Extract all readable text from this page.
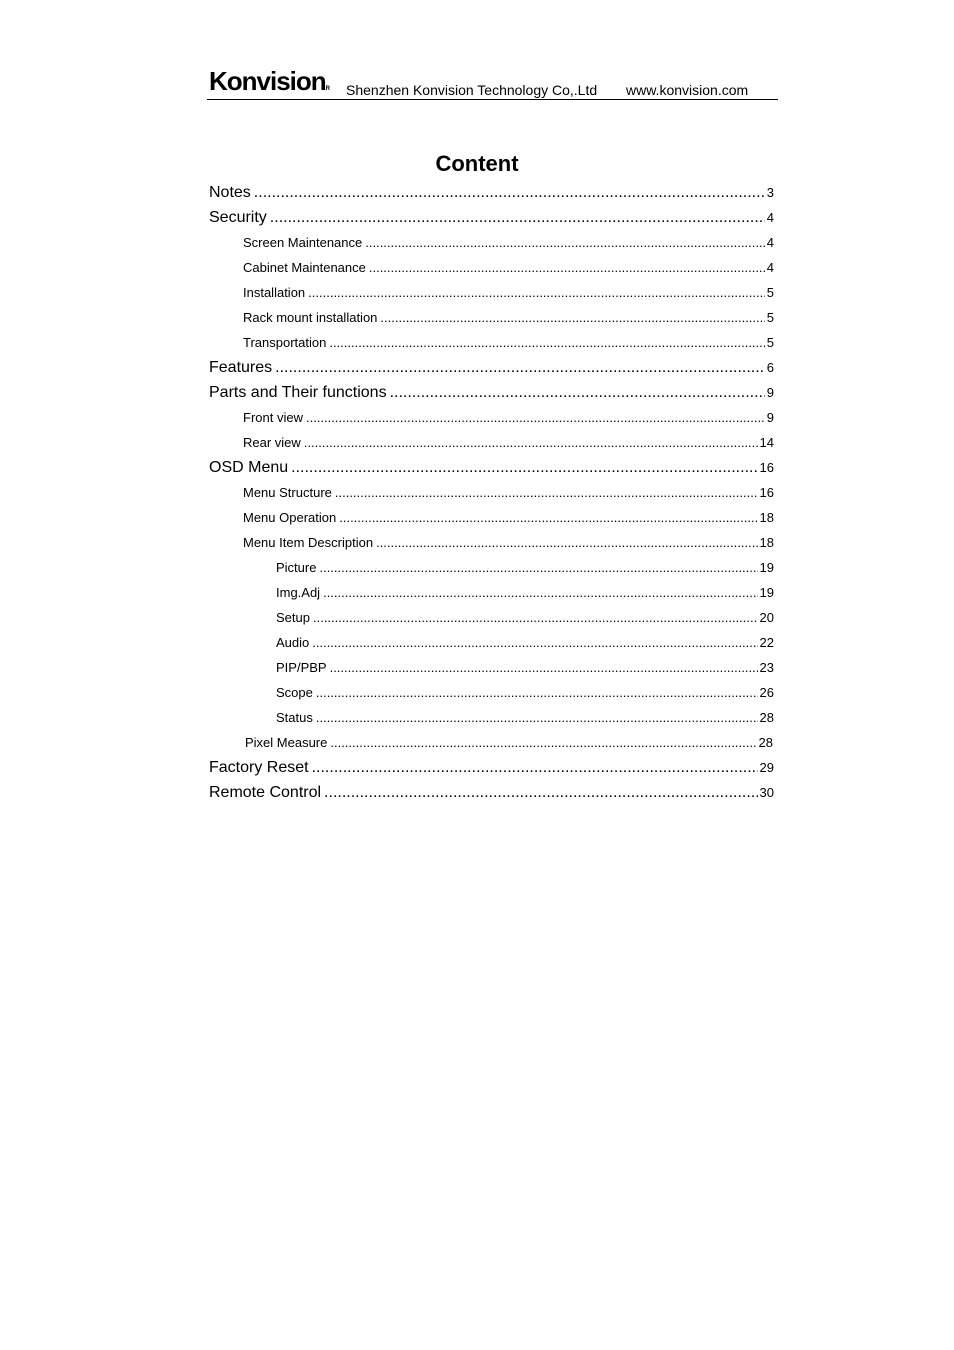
KonvisionR Shenzhen Konvision Technology Co,.Ltd www.konvision.com
Content
Notes .....	3
Security .....	4
Screen Maintenance .....	4
Cabinet Maintenance .....	4
Installation .....	5
Rack mount installation .....	5
Transportation .....	5
Features .....	6
Parts and Their functions .....	9
Front view .....	9
Rear view .....	14
OSD Menu .....	16
Menu Structure .....	16
Menu Operation .....	18
Menu Item Description .....	18
Picture .....	19
Img.Adj .....	19
Setup .....	20
Audio .....	22
PIP/PBP .....	23
Scope .....	26
Status .....	28
Pixel Measure .....	28
Factory Reset .....	29
Remote Control .....	30
